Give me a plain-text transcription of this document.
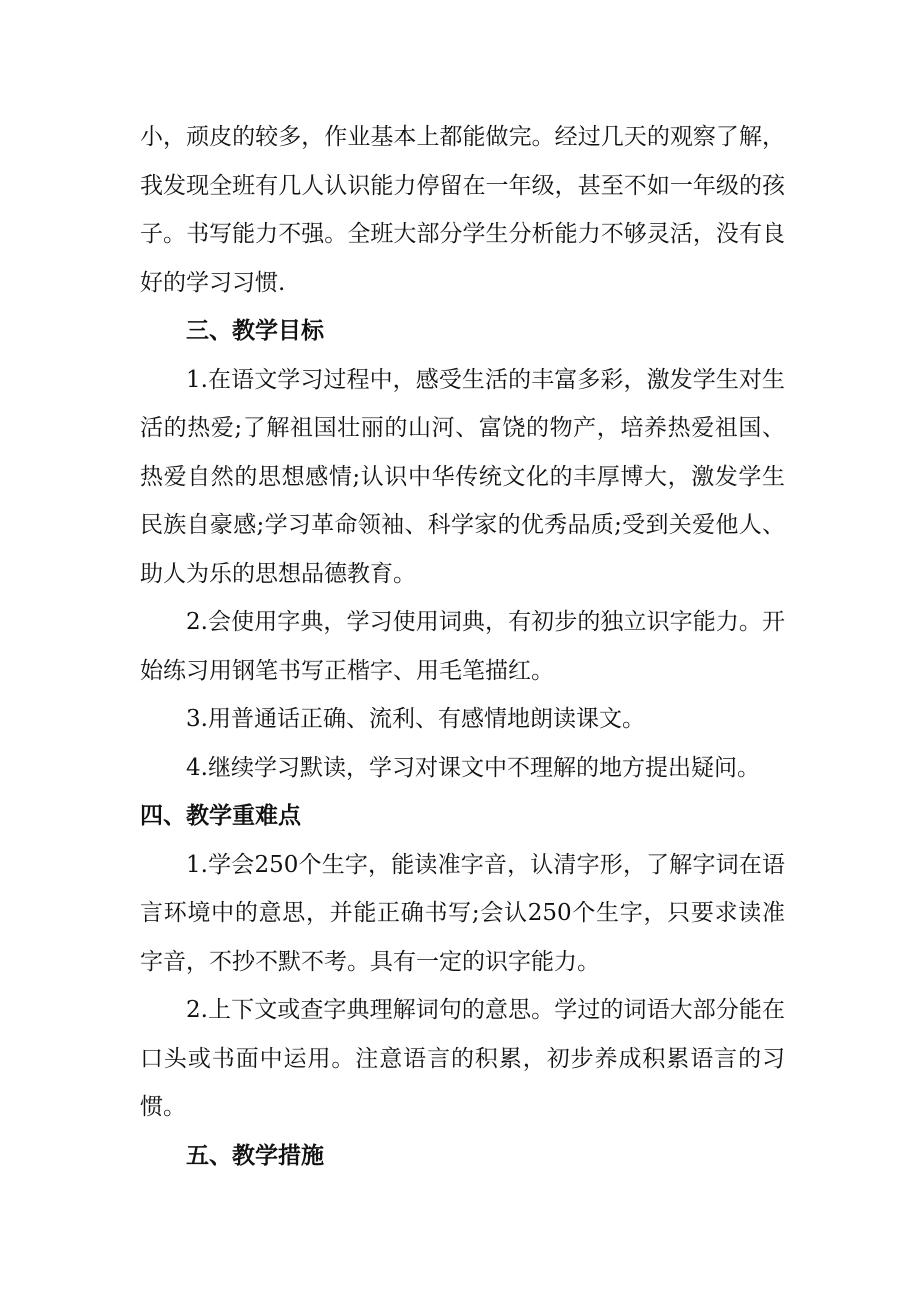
小，顽皮的较多，作业基本上都能做完。经过几天的观察了解，我发现全班有几人认识能力停留在一年级，甚至不如一年级的孩子。书写能力不强。全班大部分学生分析能力不够灵活，没有良好的学习习惯.

三、教学目标

1.在语文学习过程中，感受生活的丰富多彩，激发学生对生活的热爱;了解祖国壮丽的山河、富饶的物产，培养热爱祖国、热爱自然的思想感情;认识中华传统文化的丰厚博大，激发学生民族自豪感;学习革命领袖、科学家的优秀品质;受到关爱他人、助人为乐的思想品德教育。

2.会使用字典，学习使用词典，有初步的独立识字能力。开始练习用钢笔书写正楷字、用毛笔描红。

3.用普通话正确、流利、有感情地朗读课文。

4.继续学习默读，学习对课文中不理解的地方提出疑问。

四、教学重难点

1.学会250个生字，能读准字音，认清字形，了解字词在语言环境中的意思，并能正确书写;会认250个生字，只要求读准字音，不抄不默不考。具有一定的识字能力。

2.上下文或查字典理解词句的意思。学过的词语大部分能在口头或书面中运用。注意语言的积累，初步养成积累语言的习惯。

五、教学措施
